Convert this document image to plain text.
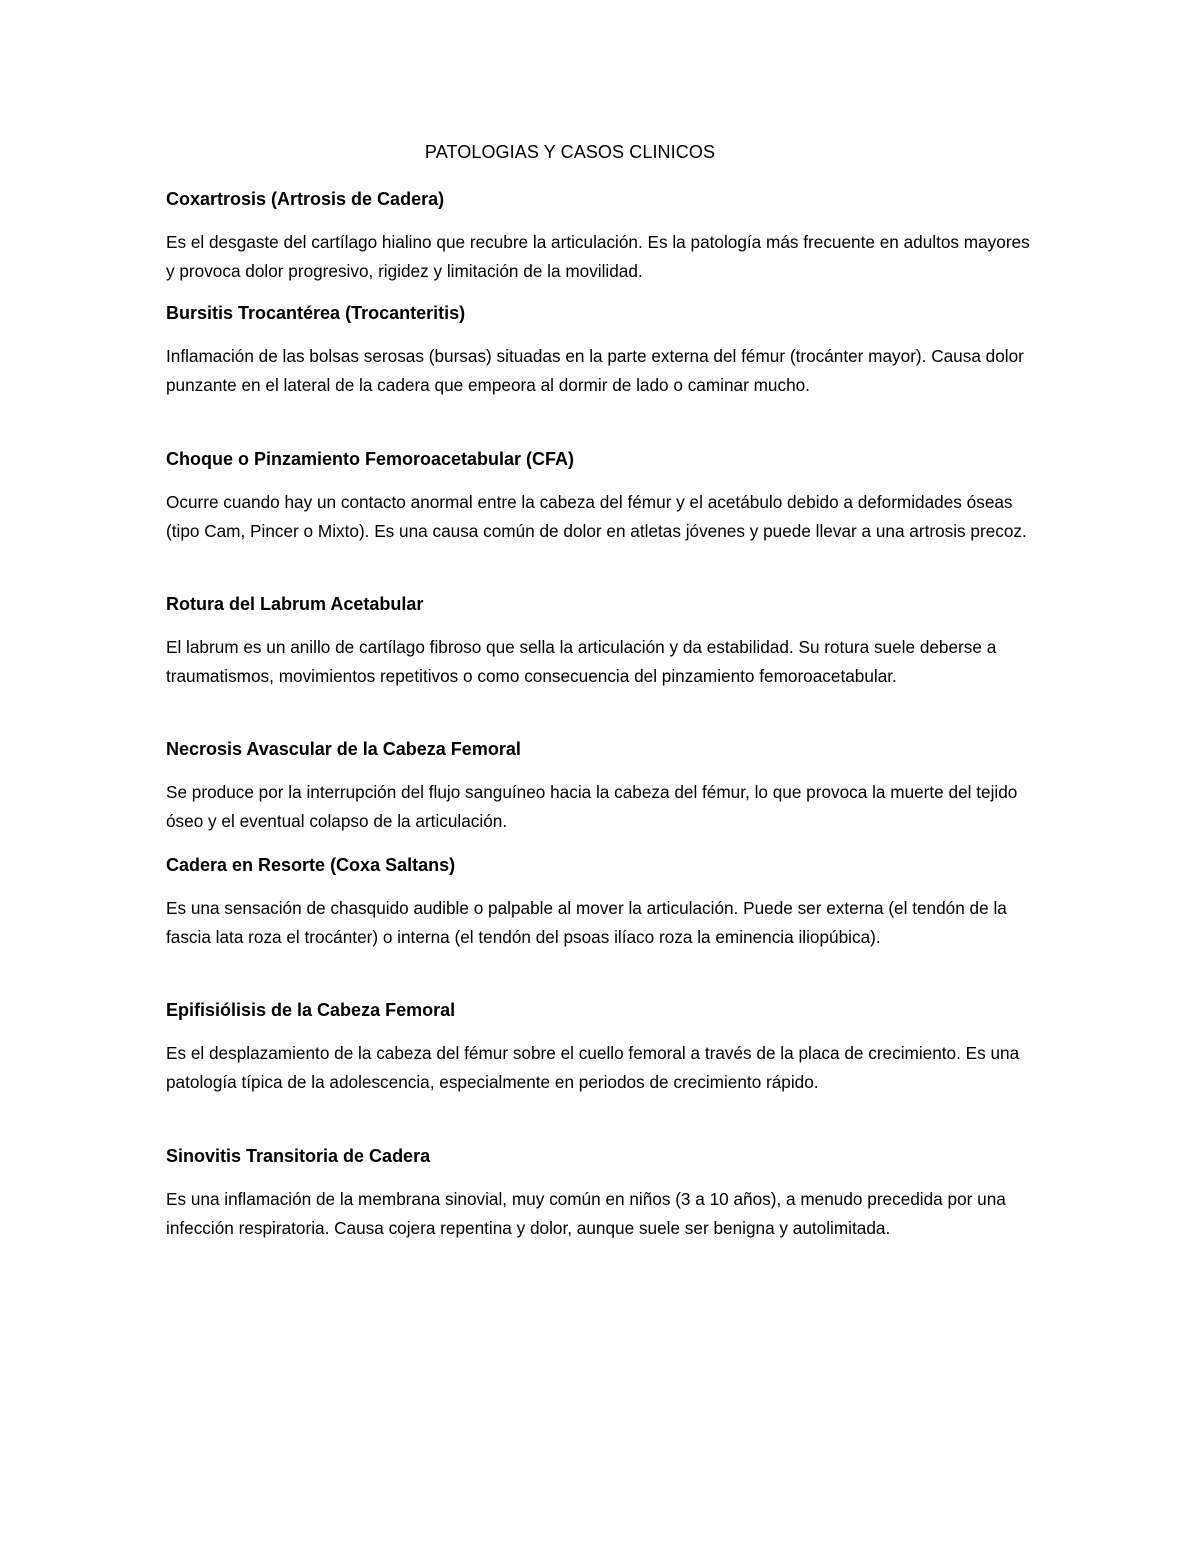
PATOLOGIAS Y CASOS CLINICOS
Coxartrosis (Artrosis de Cadera)

Es el desgaste del cartílago hialino que recubre la articulación. Es la patología más frecuente en adultos mayores y provoca dolor progresivo, rigidez y limitación de la movilidad.

Bursitis Trocantérea (Trocanteritis)

Inflamación de las bolsas serosas (bursas) situadas en la parte externa del fémur (trocánter mayor). Causa dolor punzante en el lateral de la cadera que empeora al dormir de lado o caminar mucho.

Choque o Pinzamiento Femoroacetabular (CFA)

Ocurre cuando hay un contacto anormal entre la cabeza del fémur y el acetábulo debido a deformidades óseas (tipo Cam, Pincer o Mixto). Es una causa común de dolor en atletas jóvenes y puede llevar a una artrosis precoz.

Rotura del Labrum Acetabular

El labrum es un anillo de cartílago fibroso que sella la articulación y da estabilidad. Su rotura suele deberse a traumatismos, movimientos repetitivos o como consecuencia del pinzamiento femoroacetabular.

Necrosis Avascular de la Cabeza Femoral

Se produce por la interrupción del flujo sanguíneo hacia la cabeza del fémur, lo que provoca la muerte del tejido óseo y el eventual colapso de la articulación.

Cadera en Resorte (Coxa Saltans)

Es una sensación de chasquido audible o palpable al mover la articulación. Puede ser externa (el tendón de la fascia lata roza el trocánter) o interna (el tendón del psoas ilíaco roza la eminencia iliopúbica).

Epifisiólisis de la Cabeza Femoral

Es el desplazamiento de la cabeza del fémur sobre el cuello femoral a través de la placa de crecimiento. Es una patología típica de la adolescencia, especialmente en periodos de crecimiento rápido.

Sinovitis Transitoria de Cadera

Es una inflamación de la membrana sinovial, muy común en niños (3 a 10 años), a menudo precedida por una infección respiratoria. Causa cojera repentina y dolor, aunque suele ser benigna y autolimitada.
